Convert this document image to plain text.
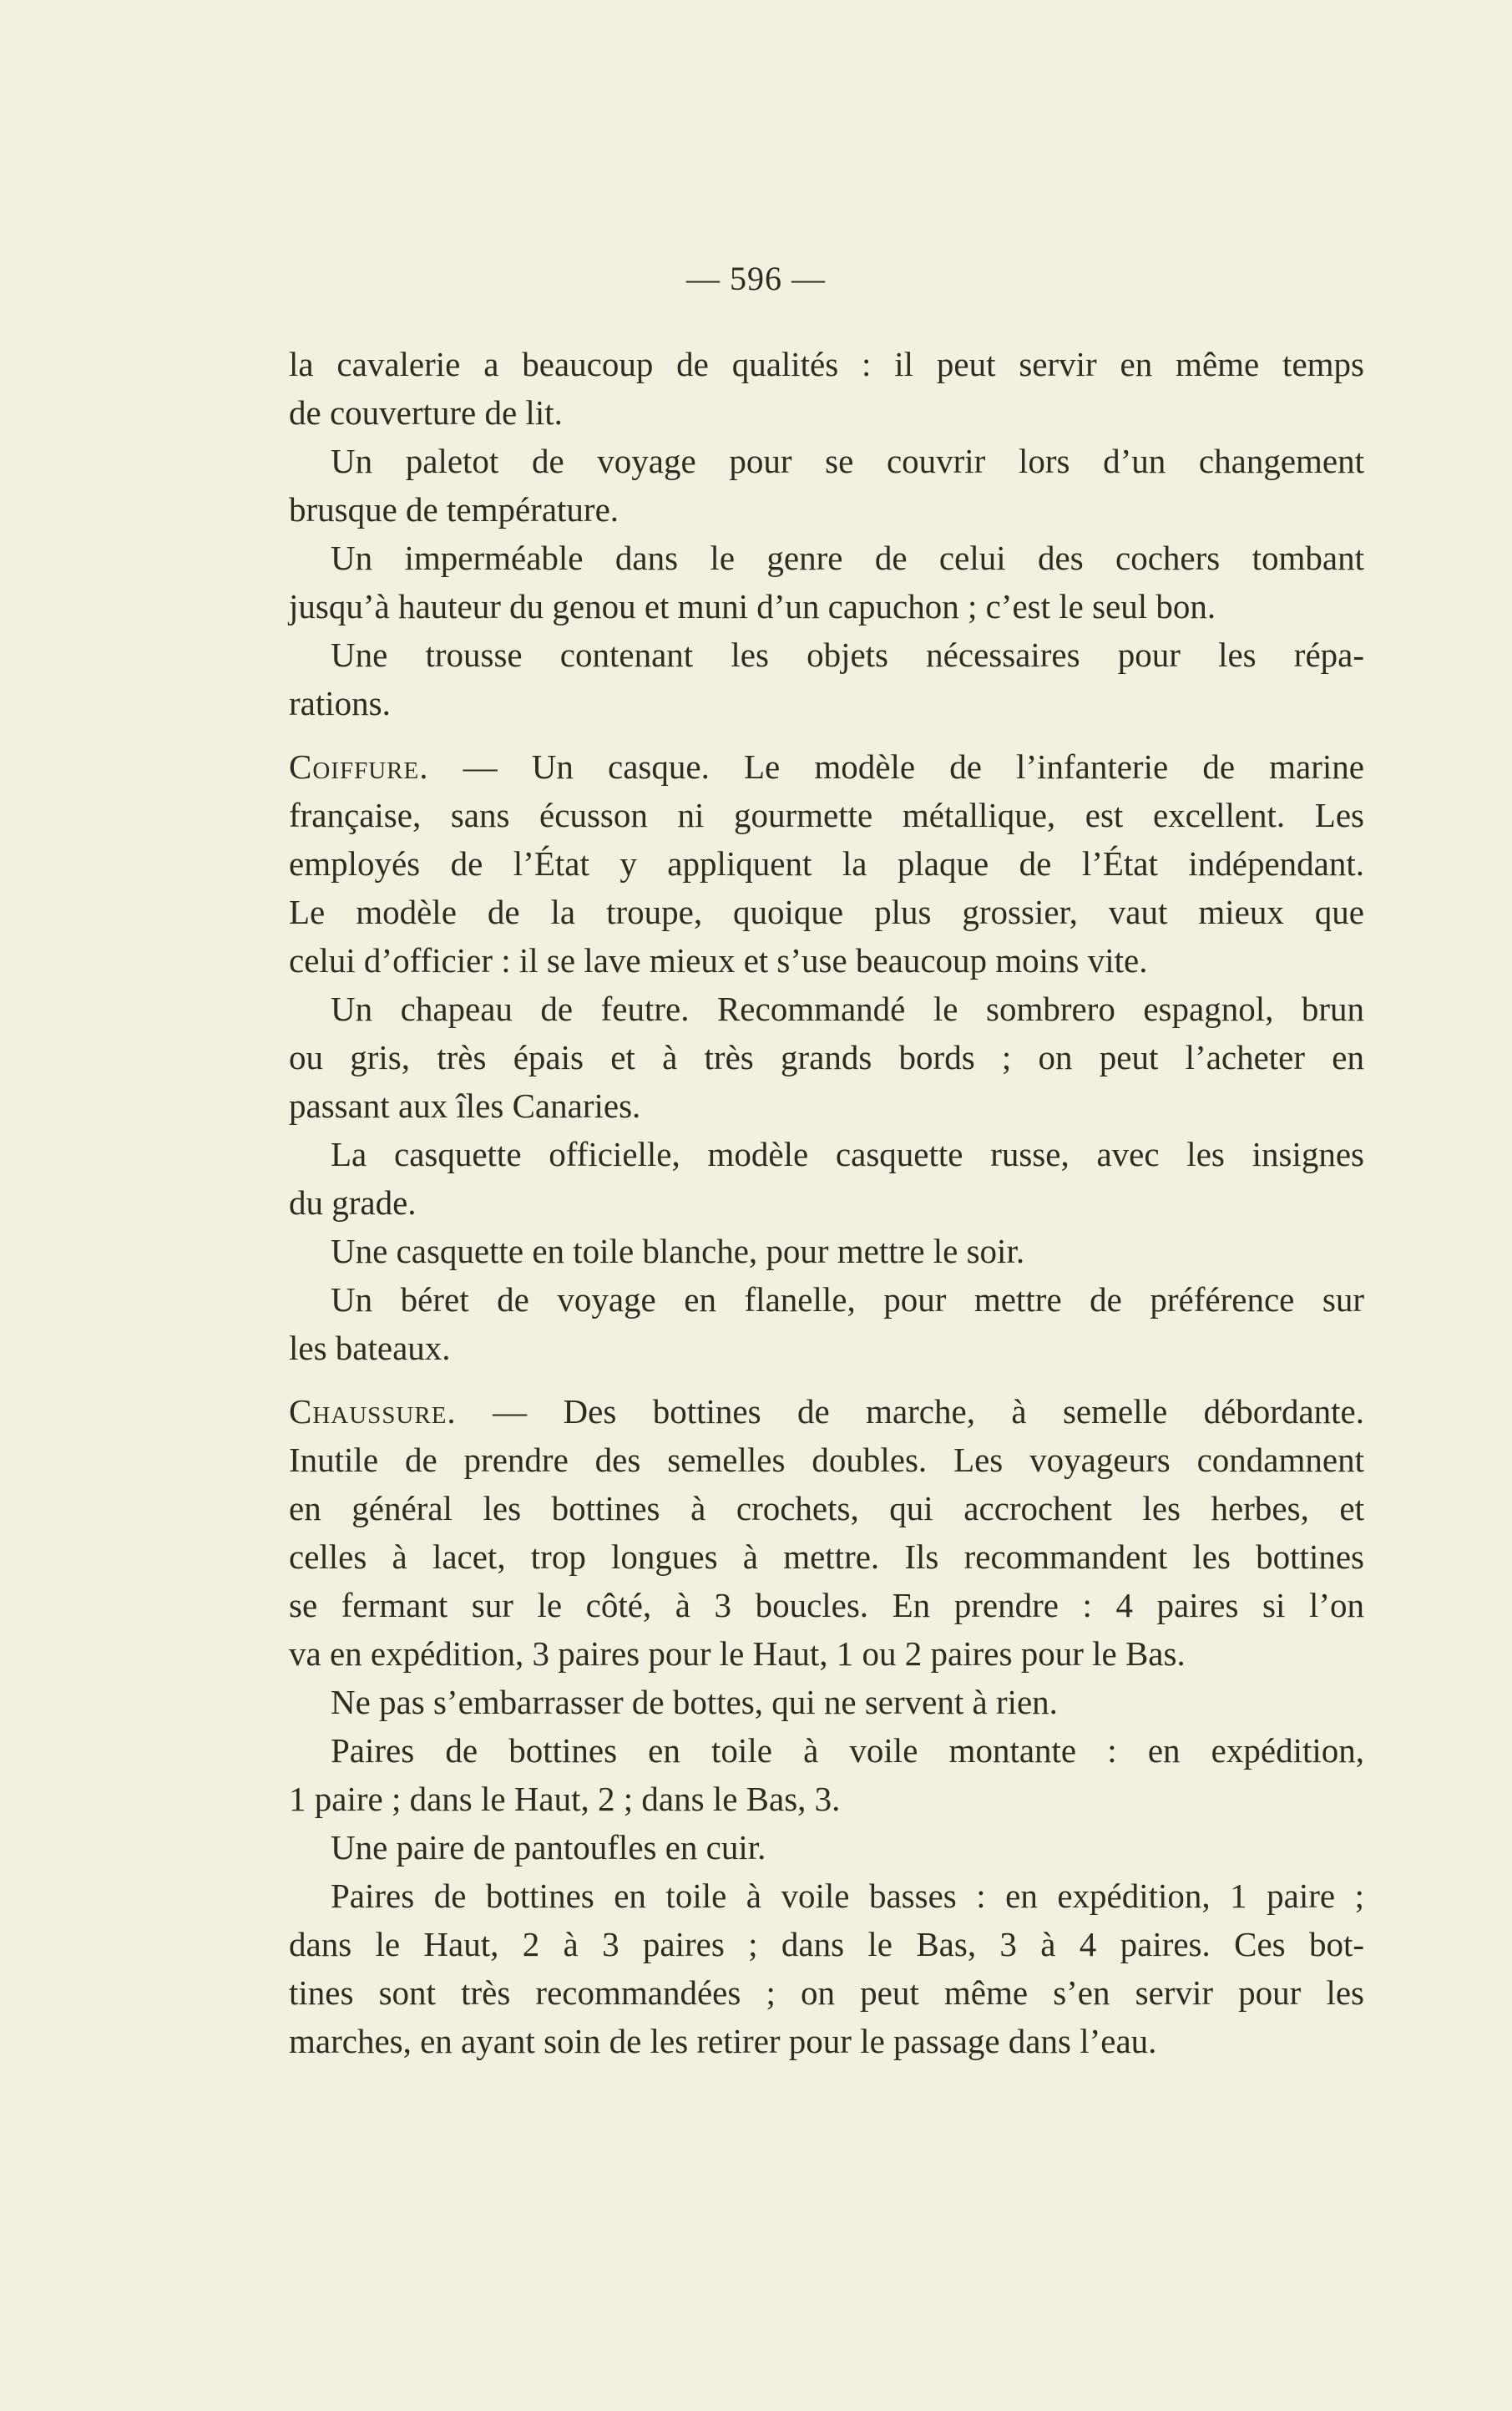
— 596 —
la cavalerie a beaucoup de qualités : il peut servir en même temps
de couverture de lit.
Un paletot de voyage pour se couvrir lors d’un changement
brusque de température.
Un imperméable dans le genre de celui des cochers tombant
jusqu’à hauteur du genou et muni d’un capuchon ; c’est le seul bon.
Une trousse contenant les objets nécessaires pour les répa-
rations.
Coiffure. — Un casque. Le modèle de l’infanterie de marine
française, sans écusson ni gourmette métallique, est excellent. Les
employés de l’État y appliquent la plaque de l’État indépendant.
Le modèle de la troupe, quoique plus grossier, vaut mieux que
celui d’officier : il se lave mieux et s’use beaucoup moins vite.
Un chapeau de feutre. Recommandé le sombrero espagnol, brun
ou gris, très épais et à très grands bords ; on peut l’acheter en
passant aux îles Canaries.
La casquette officielle, modèle casquette russe, avec les insignes
du grade.
Une casquette en toile blanche, pour mettre le soir.
Un béret de voyage en flanelle, pour mettre de préférence sur
les bateaux.
Chaussure. — Des bottines de marche, à semelle débordante.
Inutile de prendre des semelles doubles. Les voyageurs condamnent
en général les bottines à crochets, qui accrochent les herbes, et
celles à lacet, trop longues à mettre. Ils recommandent les bottines
se fermant sur le côté, à 3 boucles. En prendre : 4 paires si l’on
va en expédition, 3 paires pour le Haut, 1 ou 2 paires pour le Bas.
Ne pas s’embarrasser de bottes, qui ne servent à rien.
Paires de bottines en toile à voile montante : en expédition,
1 paire ; dans le Haut, 2 ; dans le Bas, 3.
Une paire de pantoufles en cuir.
Paires de bottines en toile à voile basses : en expédition, 1 paire ;
dans le Haut, 2 à 3 paires ; dans le Bas, 3 à 4 paires. Ces bot-
tines sont très recommandées ; on peut même s’en servir pour les
marches, en ayant soin de les retirer pour le passage dans l’eau.
